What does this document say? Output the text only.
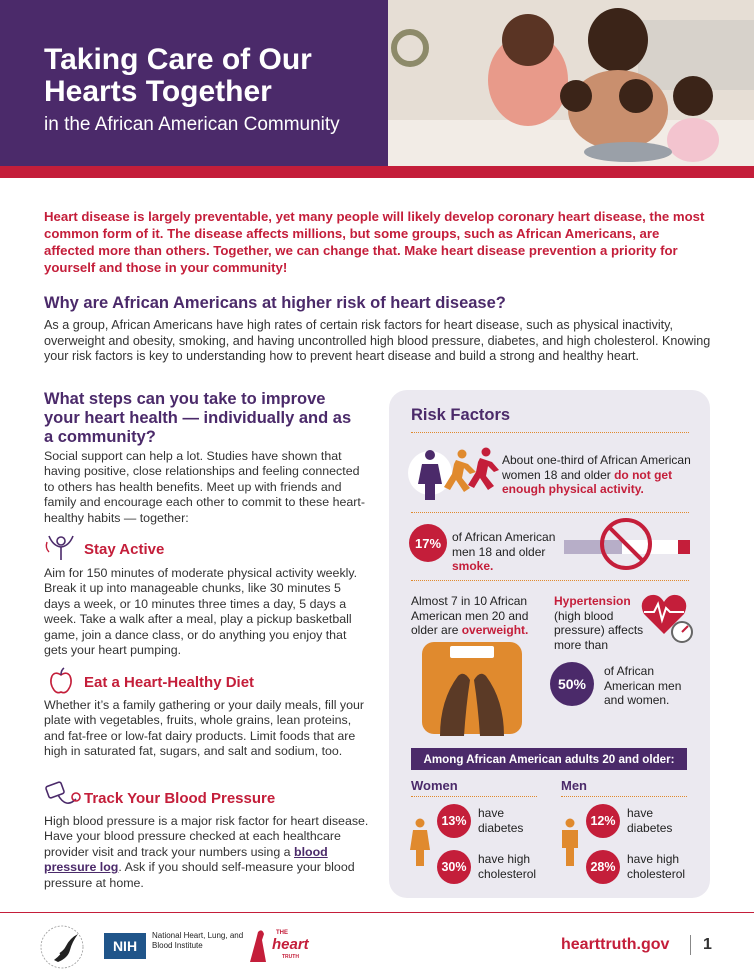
Taking Care of Our Hearts Together
in the African American Community
Heart disease is largely preventable, yet many people will likely develop coronary heart disease, the most common form of it. The disease affects millions, but some groups, such as African Americans, are affected more than others. Together, we can change that. Make heart disease prevention a priority for yourself and those in your community!
Why are African Americans at higher risk of heart disease?
As a group, African Americans have high rates of certain risk factors for heart disease, such as physical inactivity, overweight and obesity, smoking, and having uncontrolled high blood pressure, diabetes, and high cholesterol. Knowing your risk factors is key to understanding how to prevent heart disease and build a strong and healthy heart.
What steps can you take to improve your heart health — individually and as a community?
Social support can help a lot. Studies have shown that having positive, close relationships and feeling connected to others has health benefits. Meet up with friends and family and encourage each other to commit to these heart-healthy habits — together:
Stay Active
Aim for 150 minutes of moderate physical activity weekly. Break it up into manageable chunks, like 30 minutes 5 days a week, or 10 minutes three times a day, 5 days a week. Take a walk after a meal, play a pickup basketball game, join a dance class, or do anything you enjoy that gets your heart pumping.
Eat a Heart-Healthy Diet
Whether it’s a family gathering or your daily meals, fill your plate with vegetables, fruits, whole grains, lean proteins, and fat-free or low-fat dairy products. Limit foods that are high in saturated fat, sugars, and salt and sodium, too.
Track Your Blood Pressure
High blood pressure is a major risk factor for heart disease. Have your blood pressure checked at each healthcare provider visit and track your numbers using a blood pressure log. Ask if you should self-measure your blood pressure at home.
Risk Factors
About one-third of African American women 18 and older do not get enough physical activity.
17% of African American men 18 and older smoke.
Almost 7 in 10 African American men 20 and older are overweight.
Hypertension (high blood pressure) affects more than
50%
of African American men and women.
Among African American adults 20 and older:
Women
13%
have diabetes
30%
have high cholesterol
Men
12%
have diabetes
28%
have high cholesterol
NIH
National Heart, Lung, and Blood Institute
THE
heart
TRUTH
hearttruth.gov 1
